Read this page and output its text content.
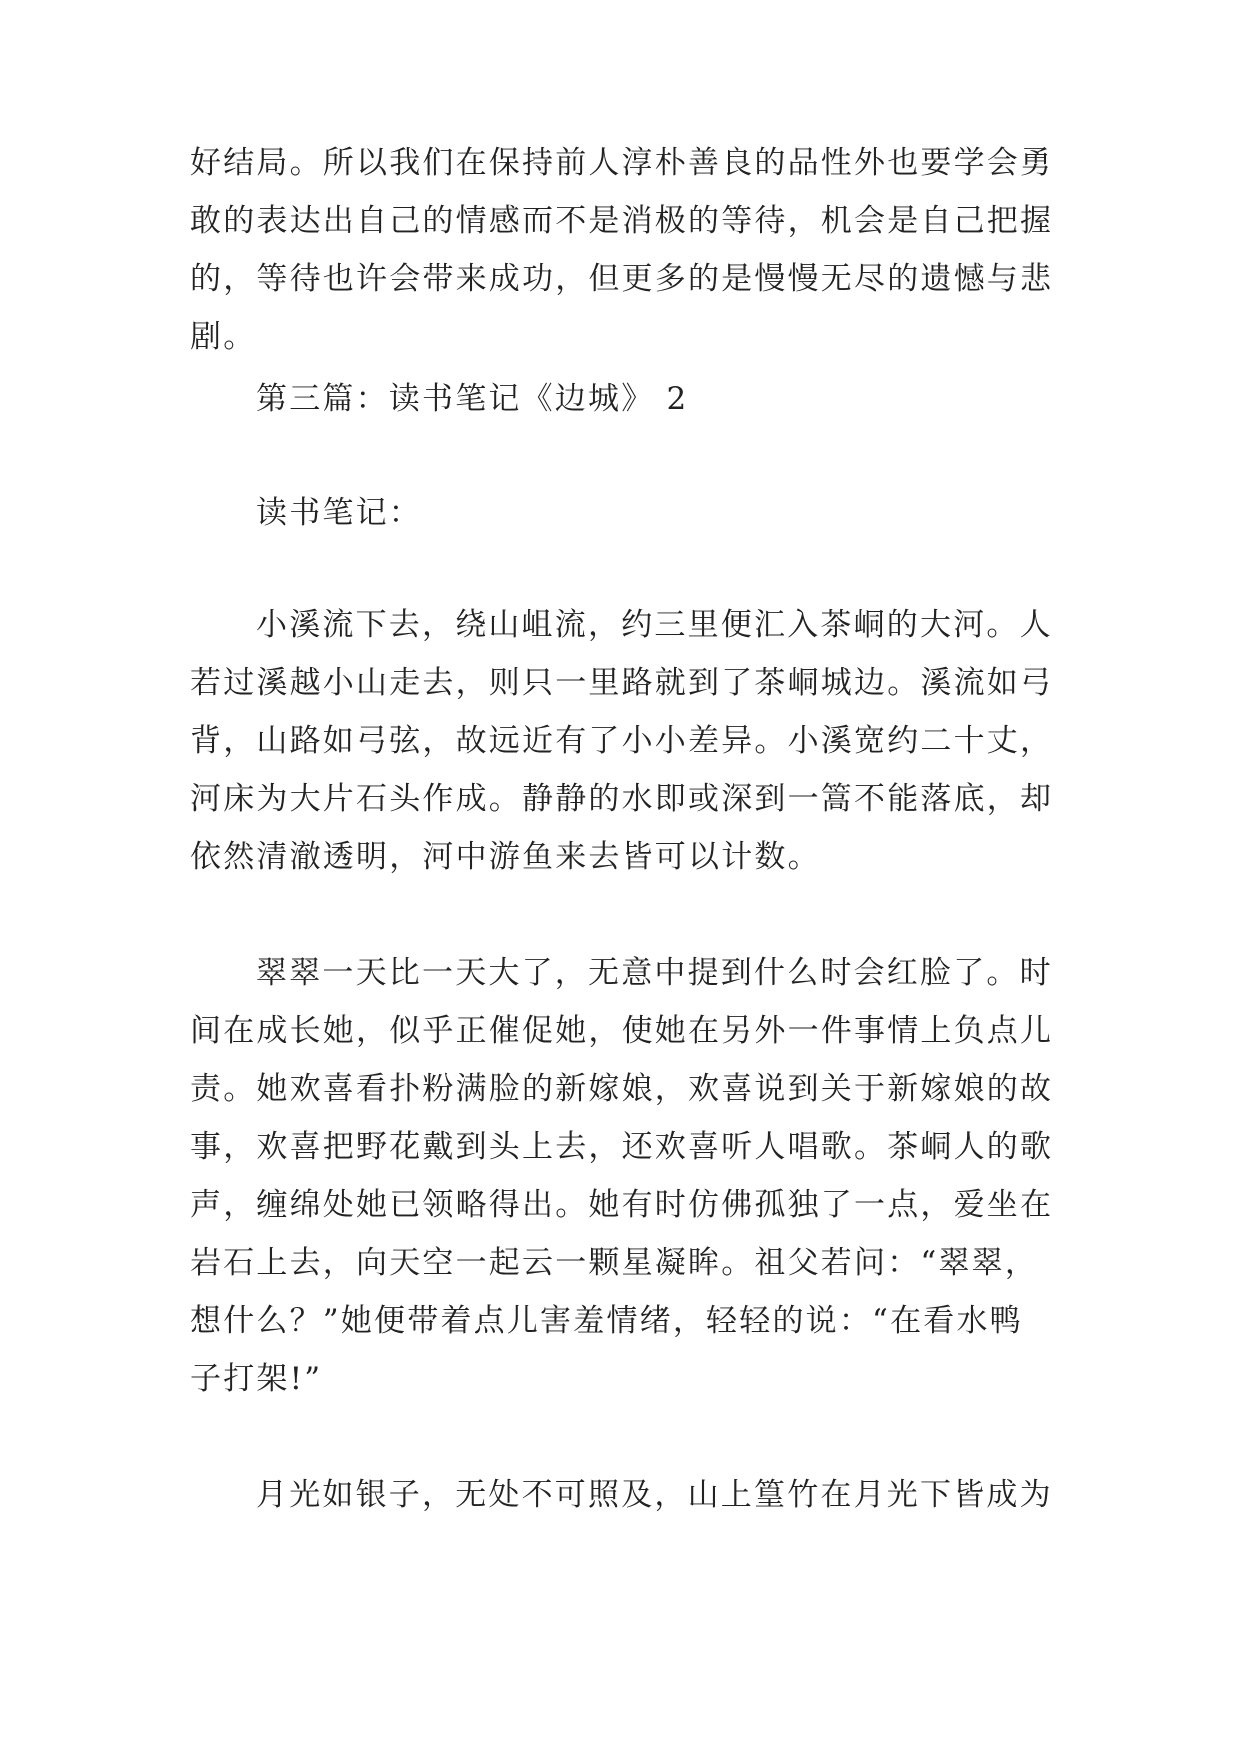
好结局。所以我们在保持前人淳朴善良的品性外也要学会勇
敢的表达出自己的情感而不是消极的等待，机会是自己把握
的，等待也许会带来成功，但更多的是慢慢无尽的遗憾与悲
剧。
第三篇：读书笔记《边城》 2
读书笔记：
小溪流下去，绕山岨流，约三里便汇入茶峒的大河。人
若过溪越小山走去，则只一里路就到了茶峒城边。溪流如弓
背，山路如弓弦，故远近有了小小差异。小溪宽约二十丈，
河床为大片石头作成。静静的水即或深到一篙不能落底，却
依然清澈透明，河中游鱼来去皆可以计数。
翠翠一天比一天大了，无意中提到什么时会红脸了。时
间在成长她，似乎正催促她，使她在另外一件事情上负点儿
责。她欢喜看扑粉满脸的新嫁娘，欢喜说到关于新嫁娘的故
事，欢喜把野花戴到头上去，还欢喜听人唱歌。茶峒人的歌
声，缠绵处她已领略得出。她有时仿佛孤独了一点，爱坐在
岩石上去，向天空一起云一颗星凝眸。祖父若问：“翠翠，
想什么？”她便带着点儿害羞情绪，轻轻的说：“在看水鸭
子打架!”
月光如银子，无处不可照及，山上篁竹在月光下皆成为
